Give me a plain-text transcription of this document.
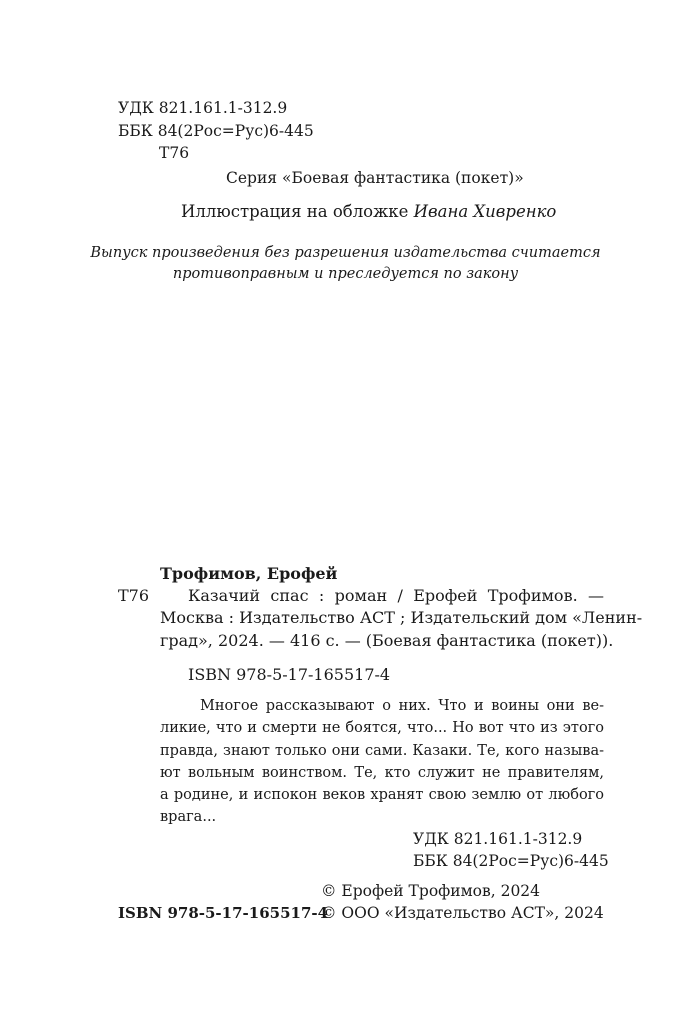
УДК 821.161.1-312.9
ББК 84(2Рос=Рус)6-445
Т76
Серия «Боевая фантастика (покет)»
Иллюстрация на обложке Ивана Хивренко
Выпуск произведения без разрешения издательства считается
противоправным и преследуется по закону
Трофимов, Ерофей
Т76 Казачий спас : роман / Ерофей Трофимов. —
Москва : Издательство АСТ ; Издательский дом «Ленин-
град», 2024. — 416 с. — (Боевая фантастика (покет)).
ISBN 978-5-17-165517-4
Многое рассказывают о них. Что и воины они ве-
ликие, что и смерти не боятся, что... Но вот что из этого
правда, знают только они сами. Казаки. Те, кого называ-
ют вольным воинством. Те, кто служит не правителям,
а родине, и испокон веков хранят свою землю от любого
врага...
УДК 821.161.1-312.9
ББК 84(2Рос=Рус)6-445
© Ерофей Трофимов, 2024
ISBN 978-5-17-165517-4
© ООО «Издательство АСТ», 2024
